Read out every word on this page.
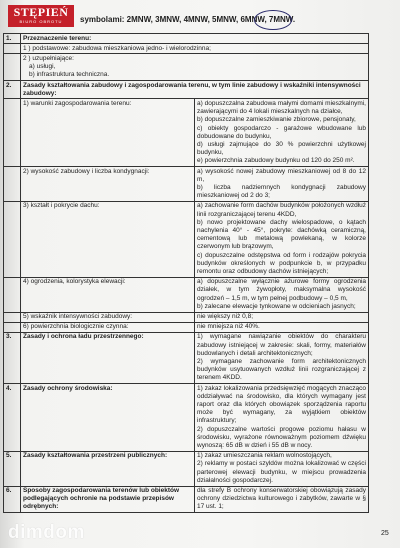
STĘPIEŃ
BIURO OBROTU	symbolami: 2MNW, 3MNW, 4MNW, 5MNW, 6MNW, 7MNW.
1.	Przeznaczenie terenu:	
	1 ) podstawowe: zabudowa mieszkaniowa jedno- i wielorodzinna;	

	2 ) uzupełniające:
a) usługi,
b) infrastruktura techniczna.	

2.	Zasady kształtowania zabudowy i zagospodarowania terenu, w tym linie zabudowy i wskaźniki intensywności zabudowy:	
	1) warunki zagospodarowania terenu:	a) dopuszczalna zabudowa małymi domami mieszkalnymi, zawierającymi do 4 lokali mieszkalnych na działce,
b) dopuszczalne zamieszkiwanie zbiorowe, pensjonaty,
c) obiekty gospodarczo - garażowe wbudowane lub dobudowane do budynku,
d) usługi zajmujące do 30 % powierzchni użytkowej budynku,
e) powierzchnia zabudowy budynku od 120 do 250 m².

	2) wysokość zabudowy i liczba kondygnacji:	a) wysokość nowej zabudowy mieszkaniowej od 8 do 12 m,
b) liczba nadziemnych kondygnacji zabudowy mieszkaniowej od 2 do 3;

	3) kształt i pokrycie dachu:	a) zachowanie form dachów budynków położonych wzdłuż linii rozgraniczającej terenu 4KDD,
b) nowo projektowane dachy wielospadowe, o kątach nachylenia 40° - 45°, pokryte: dachówką ceramiczną, cementową lub metalową powlekaną, w kolorze czerwonym lub brązowym,
c) dopuszczalne odstępstwa od form i rodzajów pokrycia budynków określonych w podpunkcie b, w przypadku remontu oraz odbudowy dachów istniejących;

	4) ogrodzenia, kolorystyka elewacji:	a) dopuszczalne wyłącznie ażurowe formy ogrodzenia działek, w tym żywopłoty, maksymalna wysokość ogrodzeń – 1,5 m, w tym pełnej podbudowy – 0,5 m,
b) zalecane elewacje tynkowane w odcieniach jasnych;

	5) wskaźnik intensywności zabudowy:	nie większy niż 0,8;
	6) powierzchnia biologicznie czynna:	nie mniejsza niż 40%.
3.	Zasady i ochrona ładu przestrzennego:	1) wymagane nawiązanie obiektów do charakteru zabudowy istniejącej w zakresie: skali, formy, materiałów budowlanych i detali architektonicznych;
2) wymagane zachowanie form architektonicznych budynków usytuowanych wzdłuż linii rozgraniczającej z terenem 4KDD.

4.	Zasady ochrony środowiska:	1) zakaz lokalizowania przedsięwzięć mogących znacząco oddziaływać na środowisko, dla których wymagany jest raport oraz dla których obowiązek sporządzenia raportu może być wymagany, za wyjątkiem obiektów infrastruktury;
2) dopuszczalne wartości progowe poziomu hałasu w środowisku, wyrażone równoważnym poziomem dźwięku wynoszą: 65 dB w dzień i 55 dB w nocy.

5.	Zasady kształtowania przestrzeni publicznych:	1) zakaz umieszczania reklam wolnostojących,
2) reklamy w postaci szyldów można lokalizować w części parterowej elewacji budynku, w miejscu prowadzenia działalności gospodarczej.

6.	Sposoby zagospodarowania terenów lub obiektów podlegających ochronie na podstawie przepisów odrębnych:	dla strefy B ochrony konserwatorskiej obowiązują zasady ochrony dziedzictwa kulturowego i zabytków, zawarte w § 17 ust. 1;
dimdom	25
